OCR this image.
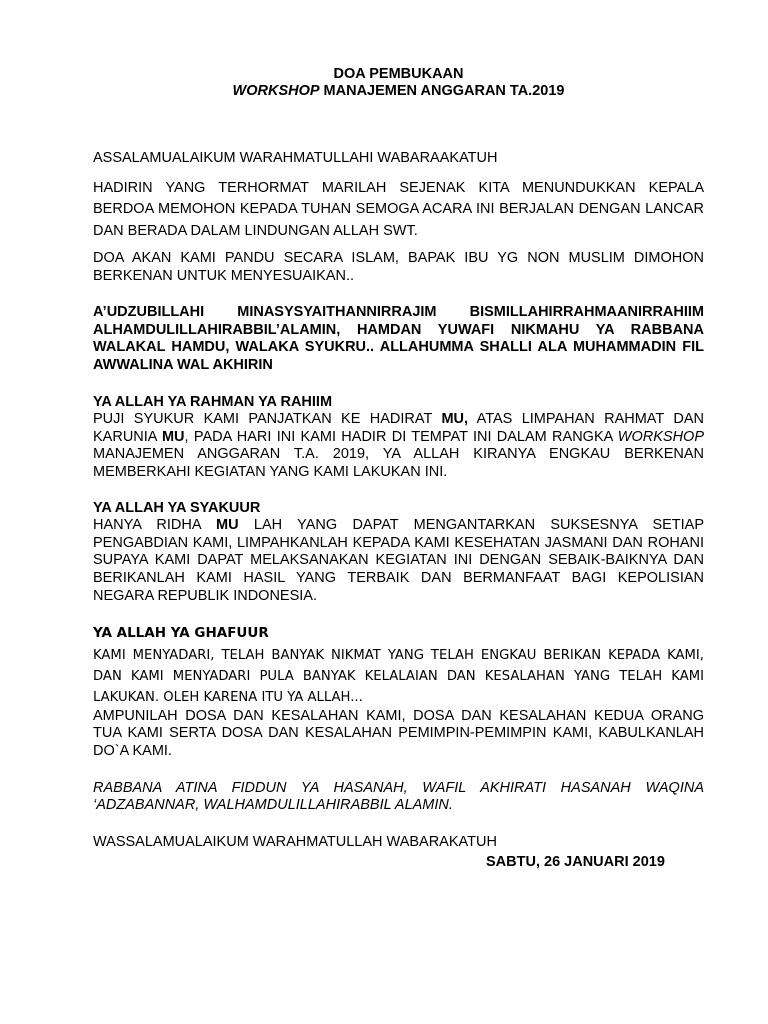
DOA PEMBUKAAN
WORKSHOP MANAJEMEN ANGGARAN TA.2019

ASSALAMUALAIKUM WARAHMATULLAHI WABARAAKATUH

HADIRIN YANG TERHORMAT MARILAH SEJENAK KITA MENUNDUKKAN KEPALA BERDOA MEMOHON KEPADA TUHAN SEMOGA ACARA INI BERJALAN DENGAN LANCAR DAN BERADA DALAM LINDUNGAN ALLAH SWT.

DOA AKAN KAMI PANDU SECARA ISLAM, BAPAK IBU YG NON MUSLIM DIMOHON BERKENAN UNTUK MENYESUAIKAN..

A’UDZUBILLAHI MINASYSYAITHANNIRRAJIM BISMILLAHIRRAHMAANIRRAHIIM ALHAMDULILLAHIRABBIL’ALAMIN, HAMDAN YUWAFI NIKMAHU YA RABBANA WALAKAL HAMDU, WALAKA SYUKRU.. ALLAHUMMA SHALLI ALA MUHAMMADIN FIL AWWALINA WAL AKHIRIN

YA ALLAH YA RAHMAN YA RAHIIM

PUJI SYUKUR KAMI PANJATKAN KE HADIRAT MU, ATAS LIMPAHAN RAHMAT DAN KARUNIA MU, PADA HARI INI KAMI HADIR DI TEMPAT INI DALAM RANGKA WORKSHOP MANAJEMEN ANGGARAN T.A. 2019, YA ALLAH KIRANYA ENGKAU BERKENAN MEMBERKAHI KEGIATAN YANG KAMI LAKUKAN INI.

YA ALLAH YA SYAKUUR

HANYA RIDHA MU LAH YANG DAPAT MENGANTARKAN SUKSESNYA SETIAP PENGABDIAN KAMI, LIMPAHKANLAH KEPADA KAMI KESEHATAN JASMANI DAN ROHANI SUPAYA KAMI DAPAT MELAKSANAKAN KEGIATAN INI DENGAN SEBAIK-BAIKNYA DAN BERIKANLAH KAMI HASIL YANG TERBAIK DAN BERMANFAAT BAGI KEPOLISIAN NEGARA REPUBLIK INDONESIA.

YA ALLAH YA GHAFUUR

KAMI MENYADARI, TELAH BANYAK NIKMAT YANG TELAH ENGKAU BERIKAN KEPADA KAMI, DAN KAMI MENYADARI PULA BANYAK KELALAIAN DAN KESALAHAN YANG TELAH KAMI LAKUKAN. OLEH KARENA ITU YA ALLAH...

AMPUNILAH DOSA DAN KESALAHAN KAMI, DOSA DAN KESALAHAN KEDUA ORANG TUA KAMI SERTA DOSA DAN KESALAHAN PEMIMPIN-PEMIMPIN KAMI, KABULKANLAH DO`A KAMI.

RABBANA ATINA FIDDUN YA HASANAH, WAFIL AKHIRATI HASANAH WAQINA ‘ADZABANNAR, WALHAMDULILLAHIRABBIL ALAMIN.

WASSALAMUALAIKUM WARAHMATULLAH WABARAKATUH

SABTU, 26 JANUARI 2019
